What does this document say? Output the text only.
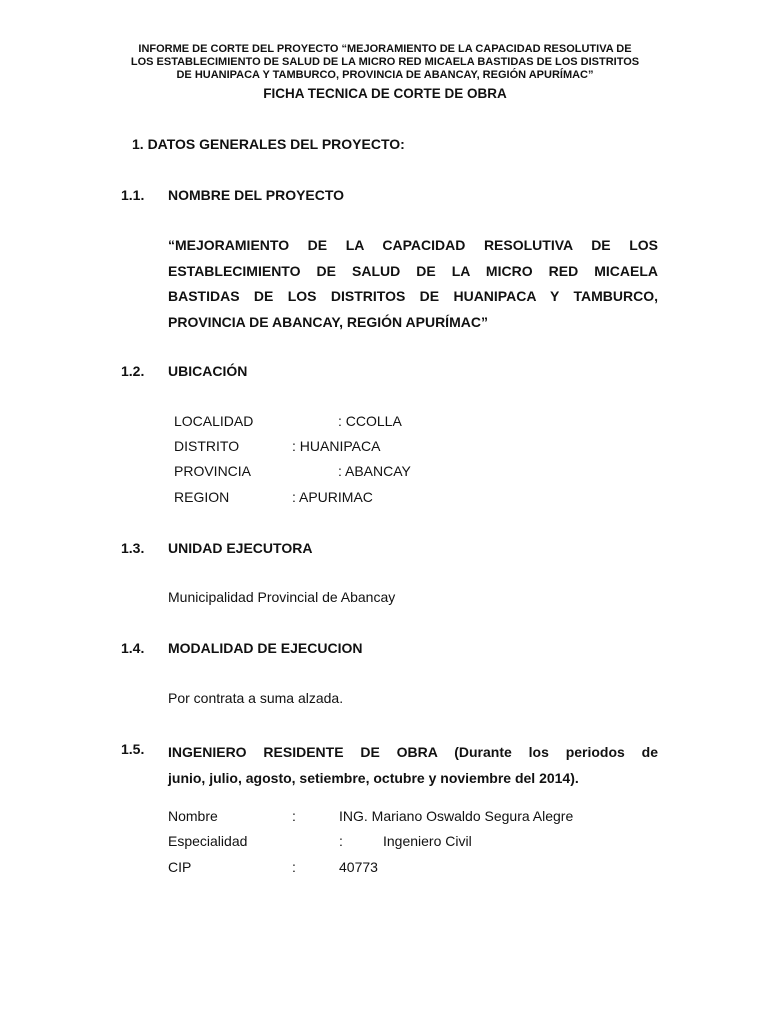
INFORME DE CORTE DEL PROYECTO “MEJORAMIENTO DE LA CAPACIDAD RESOLUTIVA DE
LOS ESTABLECIMIENTO DE SALUD DE LA MICRO RED MICAELA BASTIDAS DE LOS DISTRITOS
DE HUANIPACA Y TAMBURCO, PROVINCIA DE ABANCAY, REGIÓN APURÍMAC”
FICHA TECNICA DE CORTE DE OBRA
1. DATOS GENERALES DEL PROYECTO:
1.1. NOMBRE DEL PROYECTO
“MEJORAMIENTO DE LA CAPACIDAD RESOLUTIVA DE LOS
ESTABLECIMIENTO DE SALUD DE LA MICRO RED MICAELA
BASTIDAS DE LOS DISTRITOS DE HUANIPACA Y TAMBURCO,
PROVINCIA DE ABANCAY, REGIÓN APURÍMAC”
1.2. UBICACIÓN
LOCALIDAD	: CCOLLA
DISTRITO	: HUANIPACA
PROVINCIA	: ABANCAY
REGION	: APURIMAC
1.3. UNIDAD EJECUTORA
Municipalidad Provincial de Abancay
1.4. MODALIDAD DE EJECUCION
Por contrata a suma alzada.
1.5. INGENIERO RESIDENTE DE OBRA (Durante los periodos de
junio, julio, agosto, setiembre, octubre y noviembre del 2014).
Nombre	:	ING. Mariano Oswaldo Segura Alegre
Especialidad	:	Ingeniero Civil
CIP	:	40773
